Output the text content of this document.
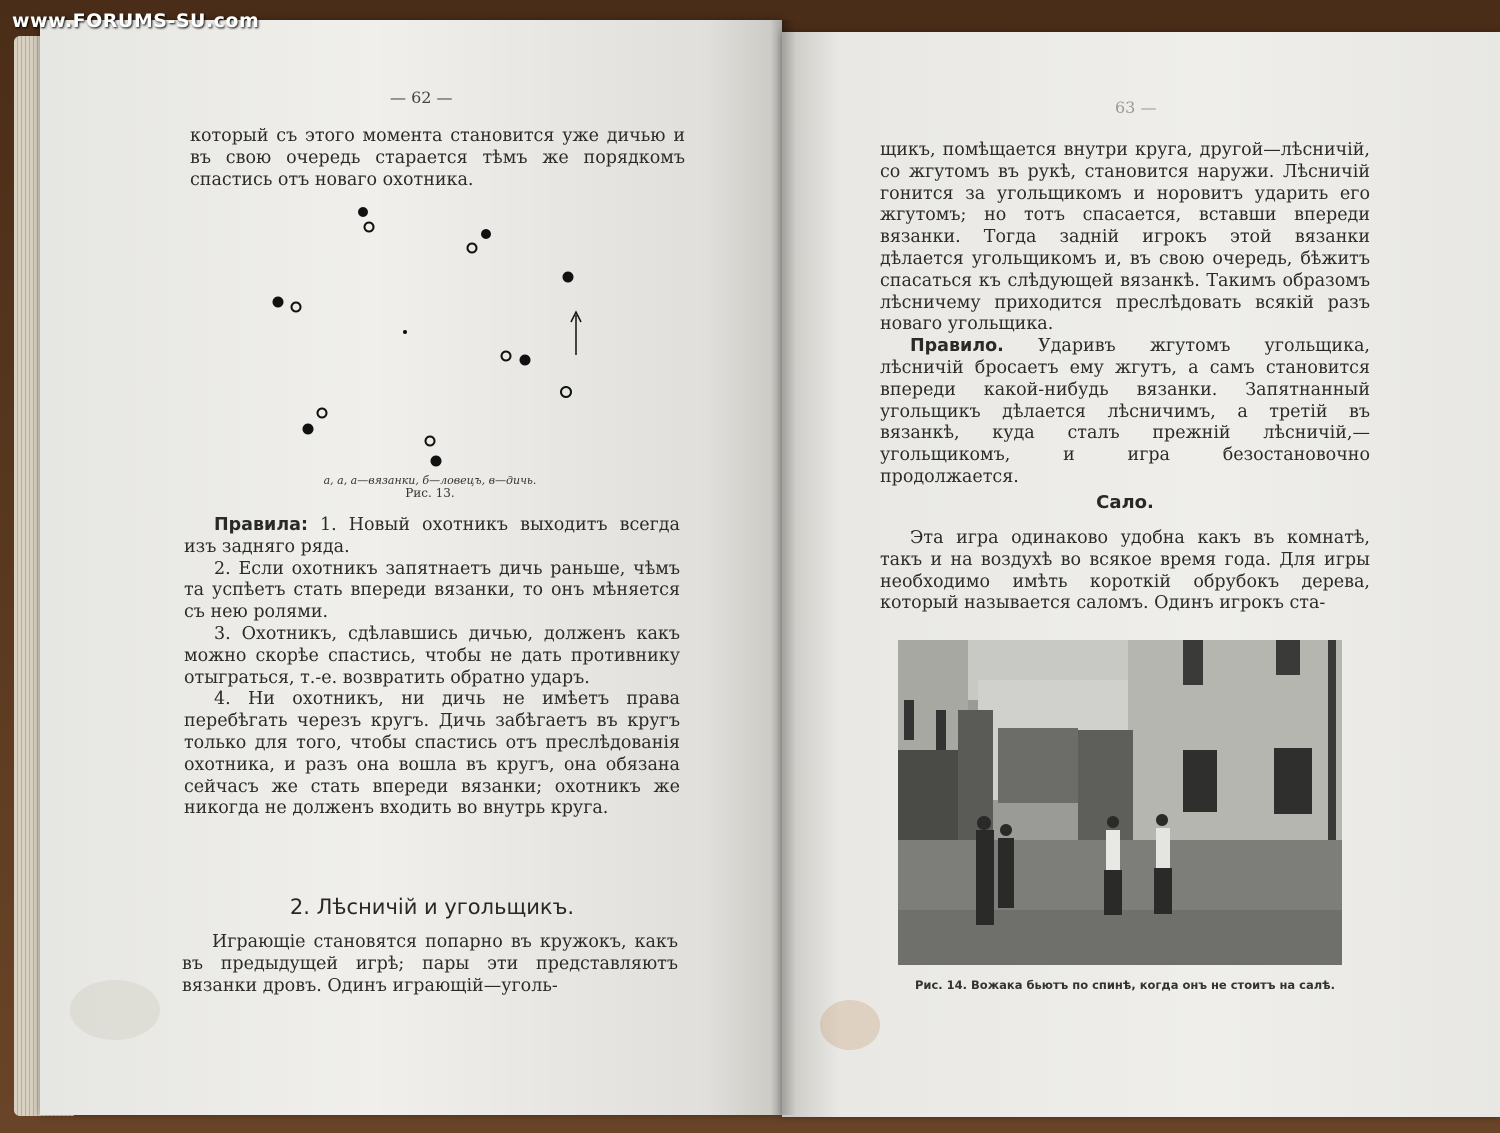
www.FORUMS-SU.com
— 62 —

который съ этого момента становится уже дичью и въ свою очередь старается тѣмъ же порядкомъ спастись отъ новаго охотника.

а, а, а—вязанки, б—ловецъ, в—дичь.
Рис. 13.

Правила: 1. Новый охотникъ выходитъ всегда изъ задняго ряда.

2. Если охотникъ запятнаетъ дичь раньше, чѣмъ та успѣетъ стать впереди вязанки, то онъ мѣняется съ нею ролями.

3. Охотникъ, сдѣлавшись дичью, долженъ какъ можно скорѣе спастись, чтобы не дать противнику отыграться, т.-е. возвратить обратно ударъ.

4. Ни охотникъ, ни дичь не имѣетъ права перебѣгать черезъ кругъ. Дичь забѣгаетъ въ кругъ только для того, чтобы спастись отъ преслѣдованія охотника, и разъ она вошла въ кругъ, она обязана сейчасъ же стать впереди вязанки; охотникъ же никогда не долженъ входить во внутрь круга.

2. Лѣсничій и угольщикъ.

Играющіе становятся попарно въ кружокъ, какъ въ предыдущей игрѣ; пары эти представляютъ вязанки дровъ. Одинъ играющій—уголь-

63 —

щикъ, помѣщается внутри круга, другой—лѣсничій, со жгутомъ въ рукѣ, становится наружи. Лѣсничій гонится за угольщикомъ и норовитъ ударить его жгутомъ; но тотъ спасается, вставши впереди вязанки. Тогда задній игрокъ этой вязанки дѣлается угольщикомъ и, въ свою очередь, бѣжитъ спасаться къ слѣдующей вязанкѣ. Такимъ образомъ лѣсничему приходится преслѣдовать всякій разъ новаго угольщика.

Правило. Ударивъ жгутомъ угольщика, лѣсничій бросаетъ ему жгутъ, а самъ становится впереди какой-нибудь вязанки. Запятнанный угольщикъ дѣлается лѣсничимъ, а третій въ вязанкѣ, куда сталъ прежній лѣсничій,—угольщикомъ, и игра безостановочно продолжается.

Сало.

Эта игра одинаково удобна какъ въ комнатѣ, такъ и на воздухѣ во всякое время года. Для игры необходимо имѣть короткій обрубокъ дерева, который называется саломъ. Одинъ игрокъ ста-

Рис. 14. Вожака бьютъ по спинѣ, когда онъ не стоитъ на салѣ.
